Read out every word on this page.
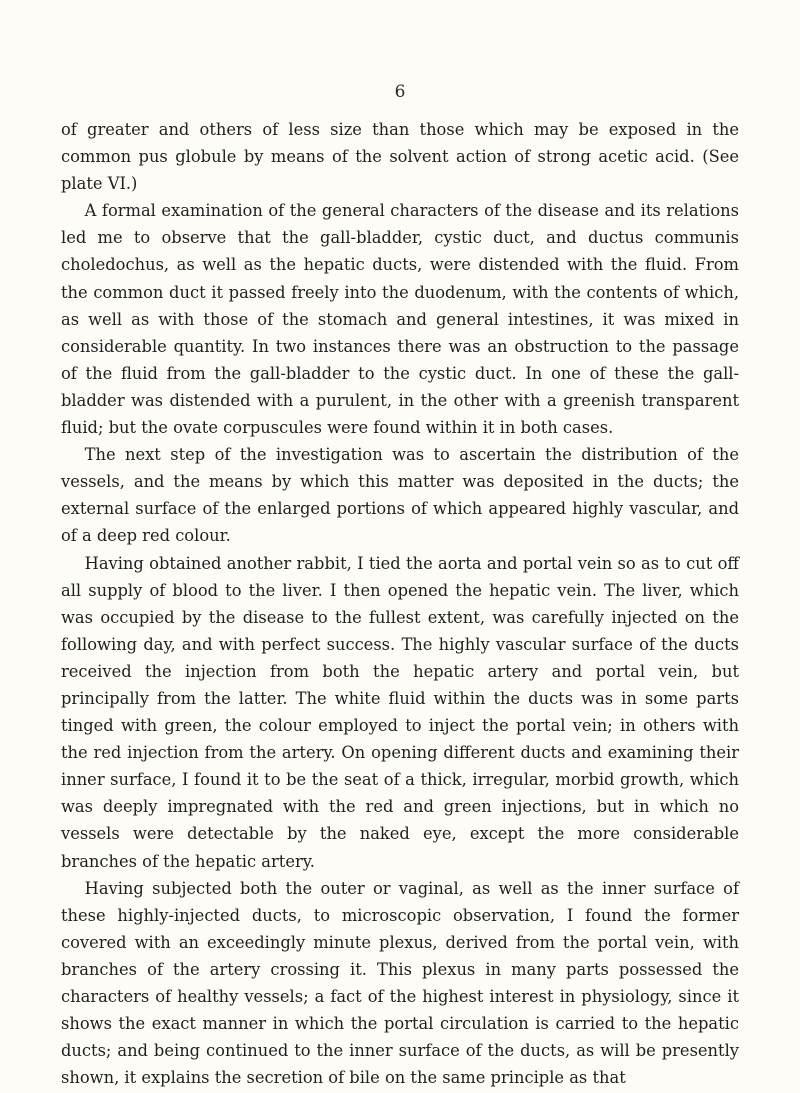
6

of greater and others of less size than those which may be exposed in the common pus globule by means of the solvent action of strong acetic acid. (See plate VI.)

A formal examination of the general characters of the disease and its relations led me to observe that the gall-bladder, cystic duct, and ductus communis choledochus, as well as the hepatic ducts, were distended with the fluid. From the common duct it passed freely into the duodenum, with the contents of which, as well as with those of the stomach and general intestines, it was mixed in considerable quantity. In two instances there was an obstruction to the passage of the fluid from the gall-bladder to the cystic duct. In one of these the gall-bladder was distended with a purulent, in the other with a greenish transparent fluid; but the ovate corpuscules were found within it in both cases.

The next step of the investigation was to ascertain the distribution of the vessels, and the means by which this matter was deposited in the ducts; the external surface of the enlarged portions of which appeared highly vascular, and of a deep red colour.

Having obtained another rabbit, I tied the aorta and portal vein so as to cut off all supply of blood to the liver. I then opened the hepatic vein. The liver, which was occupied by the disease to the fullest extent, was carefully injected on the following day, and with perfect success. The highly vascular surface of the ducts received the injection from both the hepatic artery and portal vein, but principally from the latter. The white fluid within the ducts was in some parts tinged with green, the colour employed to inject the portal vein; in others with the red injection from the artery. On opening different ducts and examining their inner surface, I found it to be the seat of a thick, irregular, morbid growth, which was deeply impregnated with the red and green injections, but in which no vessels were detectable by the naked eye, except the more considerable branches of the hepatic artery.

Having subjected both the outer or vaginal, as well as the inner surface of these highly-injected ducts, to microscopic observation, I found the former covered with an exceedingly minute plexus, derived from the portal vein, with branches of the artery crossing it. This plexus in many parts possessed the characters of healthy vessels; a fact of the highest interest in physiology, since it shows the exact manner in which the portal circulation is carried to the hepatic ducts; and being continued to the inner surface of the ducts, as will be presently shown, it explains the secretion of bile on the same principle as that
